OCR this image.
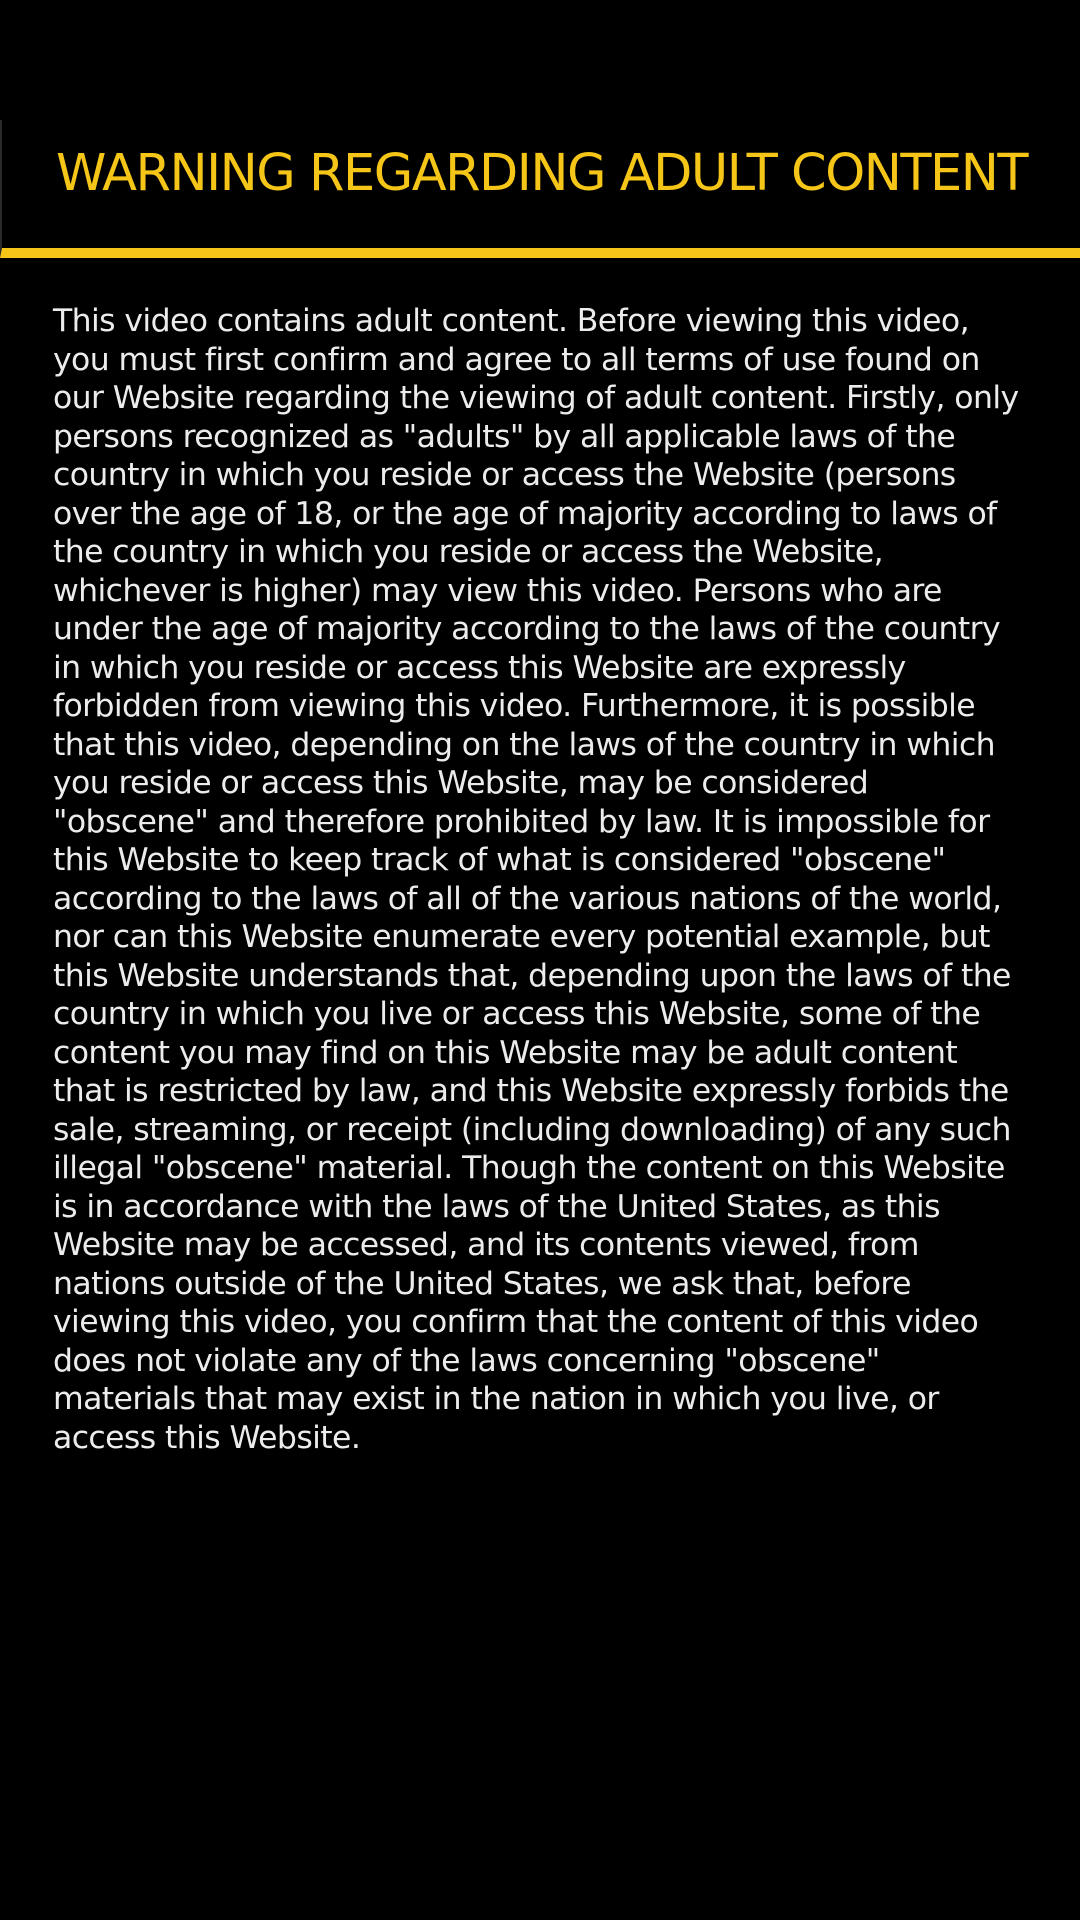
WARNING REGARDING ADULT CONTENT

This video contains adult content. Before viewing this video, you must first confirm and agree to all terms of use found on our Website regarding the viewing of adult content. Firstly, only persons recognized as "adults" by all applicable laws of the country in which you reside or access the Website (persons over the age of 18, or the age of majority according to laws of the country in which you reside or access the Website, whichever is higher) may view this video. Persons who are under the age of majority according to the laws of the country in which you reside or access this Website are expressly forbidden from viewing this video. Furthermore, it is possible that this video, depending on the laws of the country in which you reside or access this Website, may be considered "obscene" and therefore prohibited by law. It is impossible for this Website to keep track of what is considered "obscene" according to the laws of all of the various nations of the world, nor can this Website enumerate every potential example, but this Website understands that, depending upon the laws of the country in which you live or access this Website, some of the content you may find on this Website may be adult content that is restricted by law, and this Website expressly forbids the sale, streaming, or receipt (including downloading) of any such illegal "obscene" material. Though the content on this Website is in accordance with the laws of the United States, as this Website may be accessed, and its contents viewed, from nations outside of the United States, we ask that, before viewing this video, you confirm that the content of this video does not violate any of the laws concerning "obscene" materials that may exist in the nation in which you live, or access this Website.
